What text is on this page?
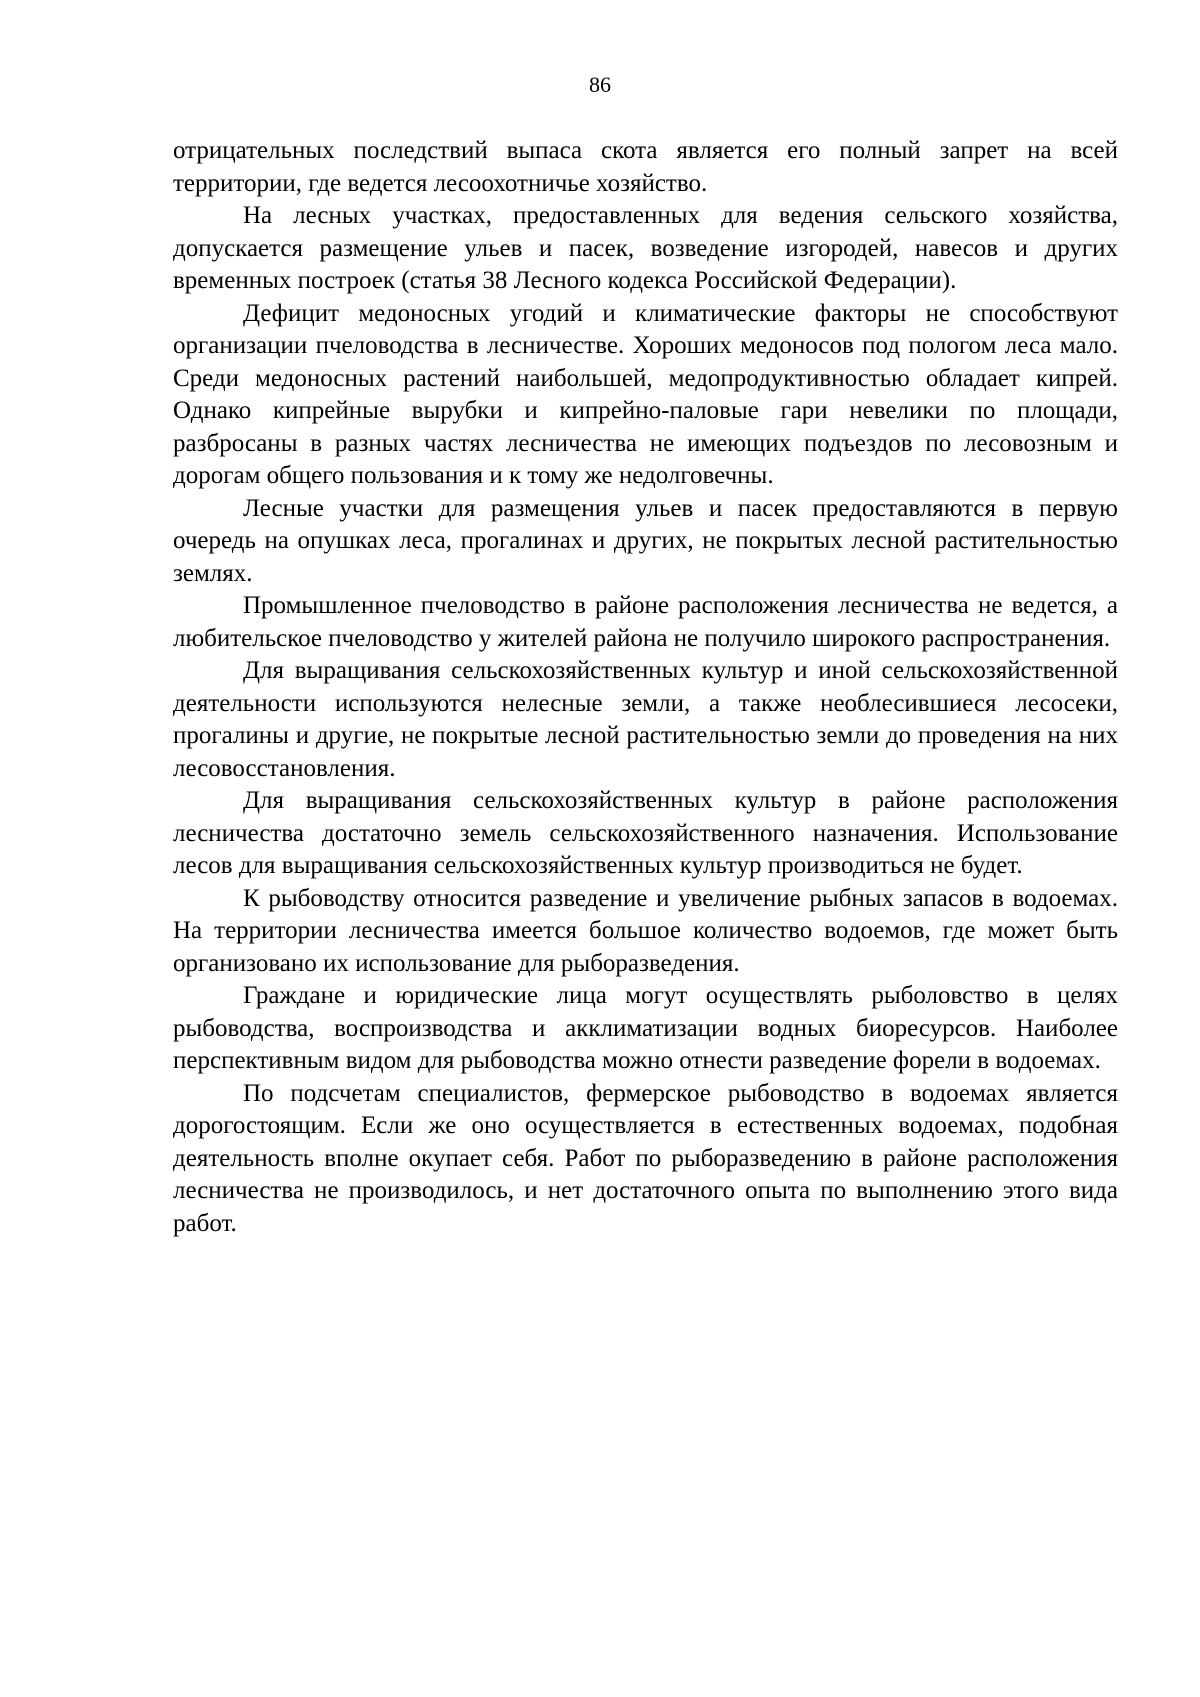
86

отрицательных последствий выпаса скота является его полный запрет на всей территории, где ведется лесоохотничье хозяйство.

На лесных участках, предоставленных для ведения сельского хозяйства, допускается размещение ульев и пасек, возведение изгородей, навесов и других временных построек (статья 38 Лесного кодекса Российской Федерации).

Дефицит медоносных угодий и климатические факторы не способствуют организации пчеловодства в лесничестве. Хороших медоносов под пологом леса мало. Среди медоносных растений наибольшей, медопродуктивностью обладает кипрей. Однако кипрейные вырубки и кипрейно-паловые гари невелики по площади, разбросаны в разных частях лесничества не имеющих подъездов по лесовозным и дорогам общего пользования и к тому же недолговечны.

Лесные участки для размещения ульев и пасек предоставляются в первую очередь на опушках леса, прогалинах и других, не покрытых лесной растительностью землях.

Промышленное пчеловодство в районе расположения лесничества не ведется, а любительское пчеловодство у жителей района не получило широкого распространения.

Для выращивания сельскохозяйственных культур и иной сельскохозяйственной деятельности используются нелесные земли, а также необлесившиеся лесосеки, прогалины и другие, не покрытые лесной растительностью земли до проведения на них лесовосстановления.

Для выращивания сельскохозяйственных культур в районе расположения лесничества достаточно земель сельскохозяйственного назначения. Использование лесов для выращивания сельскохозяйственных культур производиться не будет.

К рыбоводству относится разведение и увеличение рыбных запасов в водоемах. На территории лесничества имеется большое количество водоемов, где может быть организовано их использование для рыборазведения.

Граждане и юридические лица могут осуществлять рыболовство в целях рыбоводства, воспроизводства и акклиматизации водных биоресурсов. Наиболее перспективным видом для рыбоводства можно отнести разведение форели в водоемах.

По подсчетам специалистов, фермерское рыбоводство в водоемах является дорогостоящим. Если же оно осуществляется в естественных водоемах, подобная деятельность вполне окупает себя. Работ по рыборазведению в районе расположения лесничества не производилось, и нет достаточного опыта по выполнению этого вида работ.
